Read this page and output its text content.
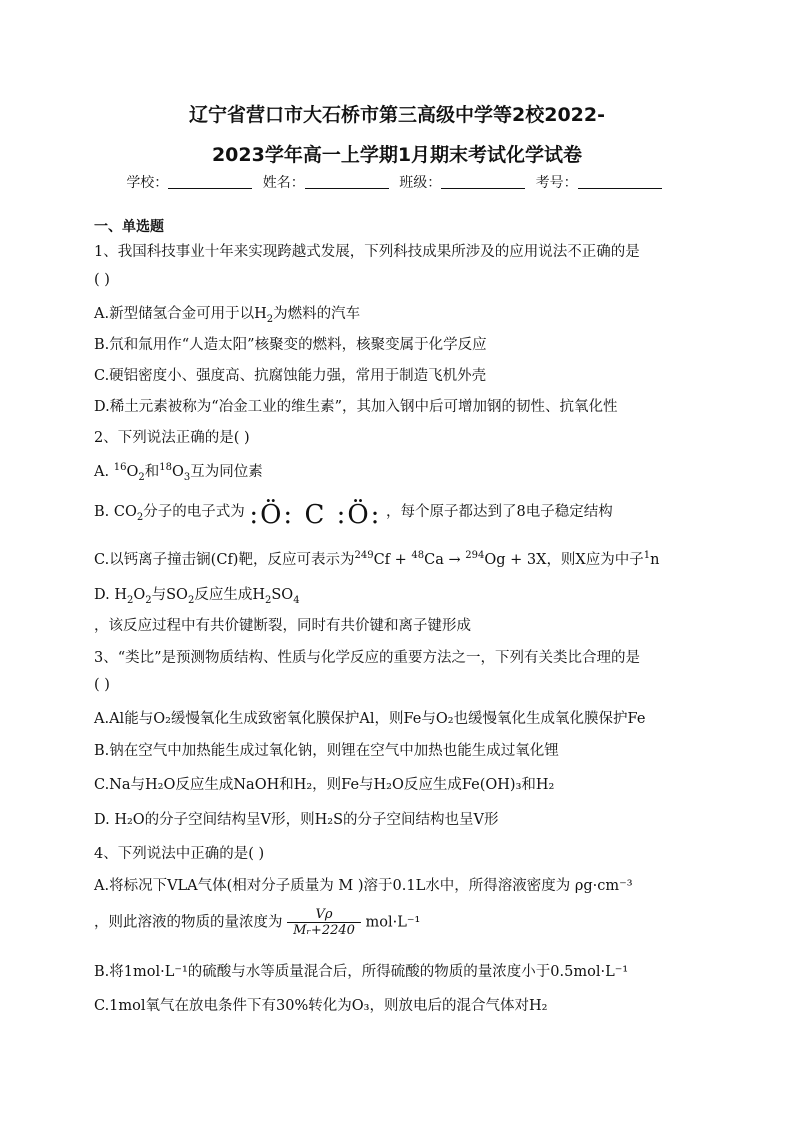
辽宁省营口市大石桥市第三高级中学等2校2022-
2023学年高一上学期1月期末考试化学试卷
学校：	姓名：	班级：	考号：
一、单选题
1、我国科技事业十年来实现跨越式发展，下列科技成果所涉及的应用说法不正确的是
( )
A.新型储氢合金可用于以$H_2$为燃料的汽车
B.氘和氚用作“人造太阳”核聚变的燃料，核聚变属于化学反应
C.硬铝密度小、强度高、抗腐蚀能力强，常用于制造飞机外壳
D.稀土元素被称为“冶金工业的维生素”，其加入钢中后可增加钢的韧性、抗氧化性
2、下列说法正确的是( )
A. $^{16}O_2$和$^{18}O_3$互为同位素
B. $CO_2$分子的电子式为 :Ö: C :Ö: ，每个原子都达到了8电子稳定结构
C.以钙离子撞击锎(Cf)靶，反应可表示为$^{249}$Cf + $^{48}$Ca → $^{294}$Og + 3X，则X应为中子$^1$n
D. $H_2O_2$与$SO_2$反应生成$H_2SO_4$
，该反应过程中有共价键断裂，同时有共价键和离子键形成
3、“类比”是预测物质结构、性质与化学反应的重要方法之一，下列有关类比合理的是
( )
A.Al能与O₂缓慢氧化生成致密氧化膜保护Al，则Fe与O₂也缓慢氧化生成氧化膜保护Fe
B.钠在空气中加热能生成过氧化钠，则锂在空气中加热也能生成过氧化锂
C.Na与H₂O反应生成NaOH和H₂，则Fe与H₂O反应生成Fe(OH)₃和H₂
D. H₂O的分子空间结构呈V形，则H₂S的分子空间结构也呈V形
4、下列说法中正确的是( )
A.将标况下VLA气体(相对分子质量为 M )溶于0.1L水中，所得溶液密度为 ρg·cm⁻³
，则此溶液的物质的量浓度为 $\frac{V\rho}{\text{Mᵣ+2240}} mol\cdot L^{-1}$
B.将1mol·L⁻¹的硫酸与水等质量混合后，所得硫酸的物质的量浓度小于0.5mol·L⁻¹
C.1mol氧气在放电条件下有30%转化为O₃，则放电后的混合气体对H₂
